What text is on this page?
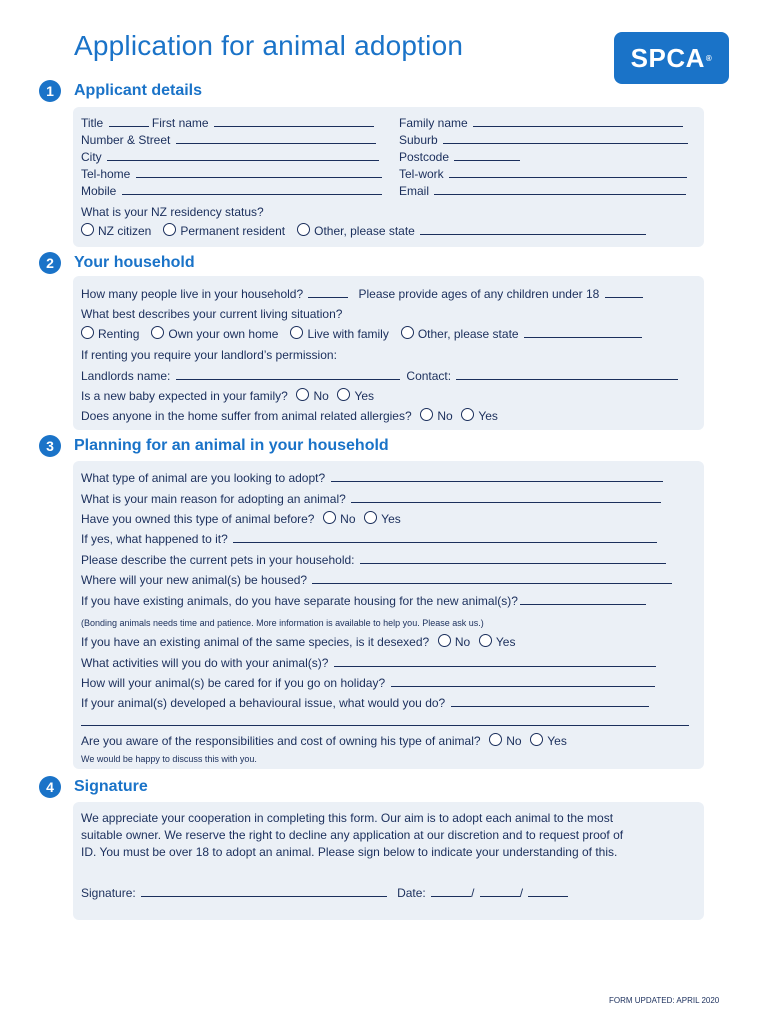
Application for animal adoption	SPCA ®
1	Applicant details
Title	First name	Family name
Number & Street	Suburb
City	Postcode
Tel-home	Tel-work
Mobile	Email
What is your NZ residency status?
NZ citizen Permanent resident Other, please state
2	Your household
How many people live in your household?	Please provide ages of any children under 18
What best describes your current living situation?
Renting Own your own home Live with family Other, please state
If renting you require your landlord’s permission:
Landlords name:	Contact:
Is a new baby expected in your family? No Yes
Does anyone in the home suffer from animal related allergies? No Yes
3	Planning for an animal in your household
What type of animal are you looking to adopt?
What is your main reason for adopting an animal?
Have you owned this type of animal before? No Yes
If yes, what happened to it?
Please describe the current pets in your household:
Where will your new animal(s) be housed?
If you have existing animals, do you have separate housing for the new animal(s)?
(Bonding animals needs time and patience. More information is available to help you. Please ask us.)
If you have an existing animal of the same species, is it desexed? No Yes
What activities will you do with your animal(s)?
How will your animal(s) be cared for if you go on holiday?
If your animal(s) developed a behavioural issue, what would you do?
Are you aware of the responsibilities and cost of owning his type of animal? No Yes
We would be happy to discuss this with you.
4	Signature
We appreciate your cooperation in completing this form. Our aim is to adopt each animal to the most
suitable owner. We reserve the right to decline any application at our discretion and to request proof of
ID. You must be over 18 to adopt an animal. Please sign below to indicate your understanding of this.
Signature:	Date:	/	/
FORM UPDATED: APRIL 2020
